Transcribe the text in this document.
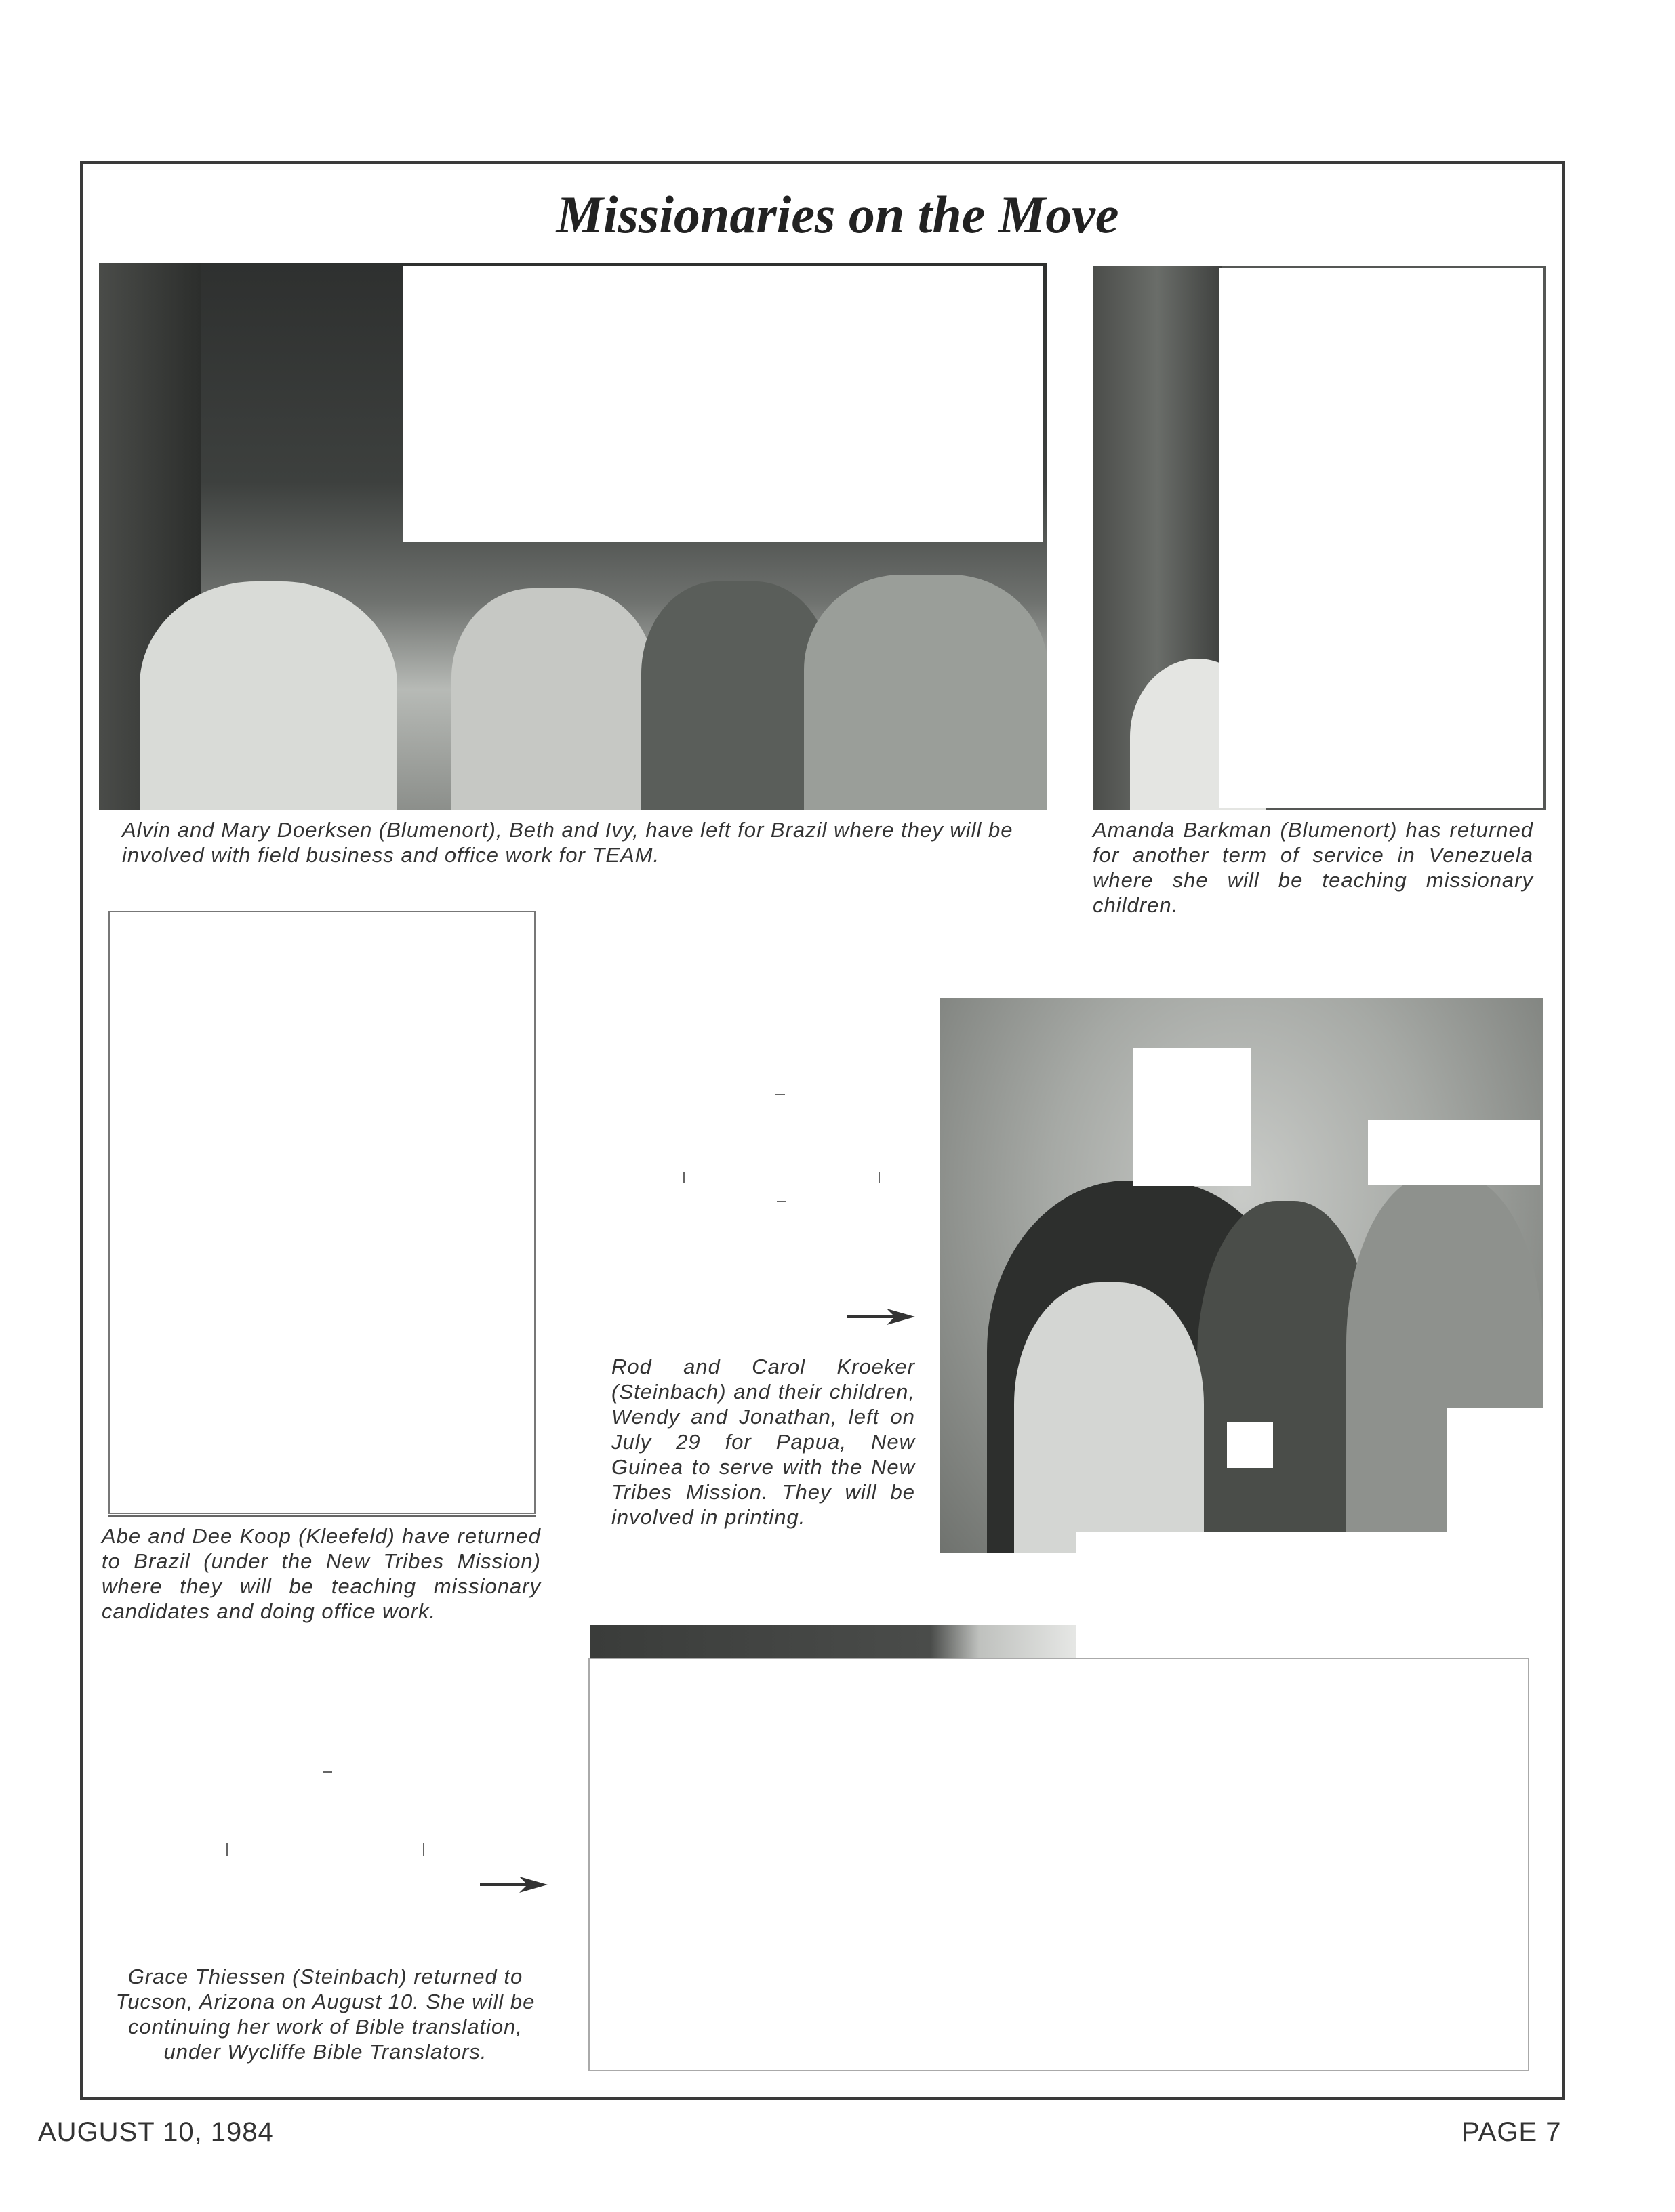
Missionaries on the Move

Alvin and Mary Doerksen (Blumenort), Beth and Ivy, have left for Brazil where they will be involved with field business and office work for TEAM.

Amanda Barkman (Blumenort) has returned for another term of service in Venezuela where she will be teaching missionary children.

Abe and Dee Koop (Kleefeld) have returned to Brazil (under the New Tribes Mission) where they will be teaching missionary candidates and doing office work.

Rod and Carol Kroeker (Steinbach) and their children, Wendy and Jonathan, left on July 29 for Papua, New Guinea to serve with the New Tribes Mission. They will be involved in printing.

Grace Thiessen (Steinbach) returned to Tucson, Arizona on August 10. She will be continuing her work of Bible translation, under Wycliffe Bible Translators.

AUGUST 10, 1984	PAGE 7
